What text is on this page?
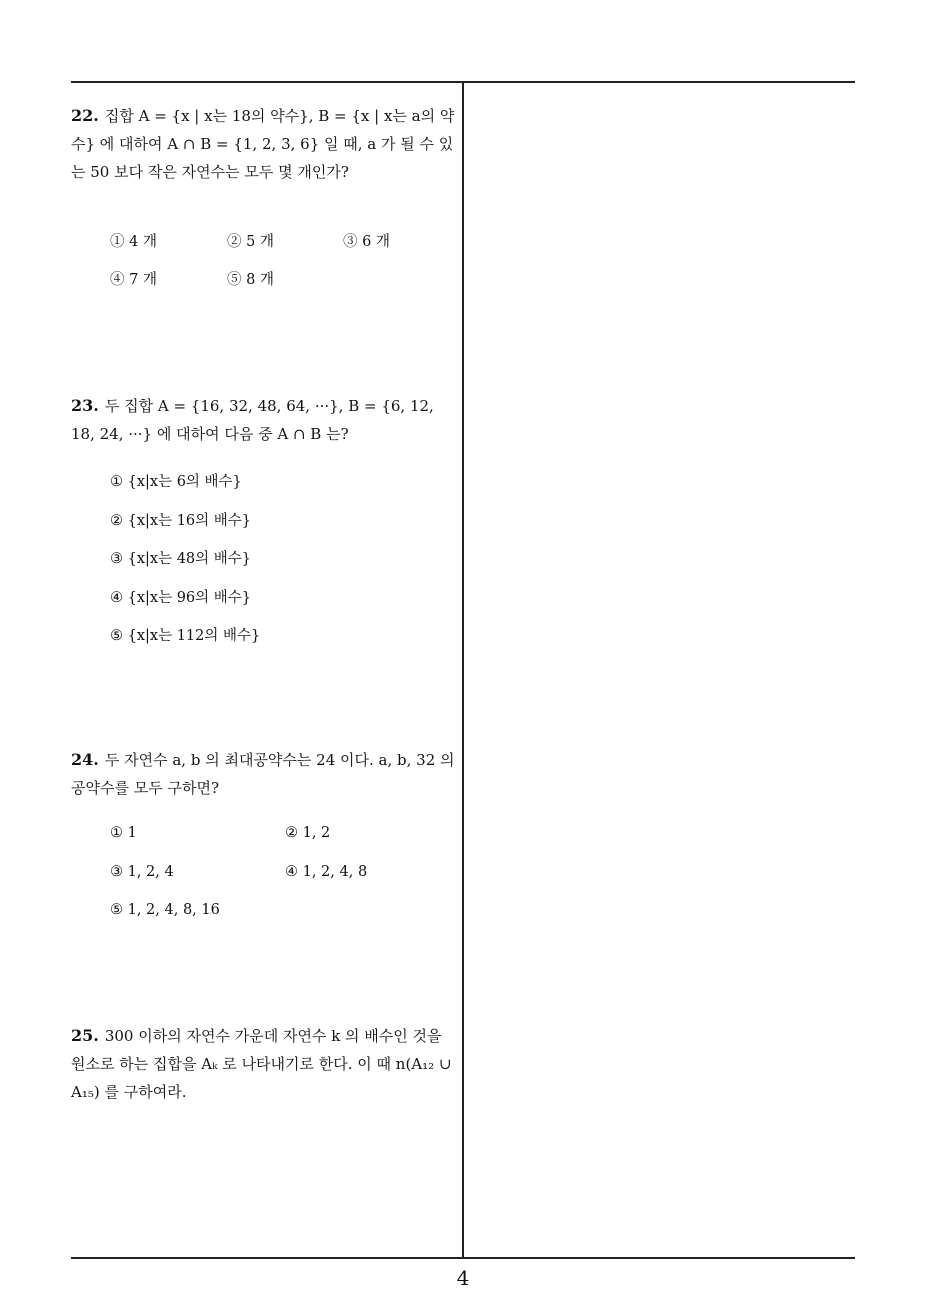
22. 집합 A = {x | x는 18의 약수}, B = {x | x는 a의 약수} 에 대하여 A ∩ B = {1, 2, 3, 6} 일 때, a 가 될 수 있는 50 보다 작은 자연수는 모두 몇 개인가?
① 4 개	② 5 개	③ 6 개
④ 7 개	⑤ 8 개
23. 두 집합 A = {16, 32, 48, 64, ···}, B = {6, 12, 18, 24, ···} 에 대하여 다음 중 A ∩ B 는?
① {x|x는 6의 배수}
② {x|x는 16의 배수}
③ {x|x는 48의 배수}
④ {x|x는 96의 배수}
⑤ {x|x는 112의 배수}
24. 두 자연수 a, b 의 최대공약수는 24 이다. a, b, 32 의 공약수를 모두 구하면?
① 1	② 1, 2
③ 1, 2, 4	④ 1, 2, 4, 8
⑤ 1, 2, 4, 8, 16
25. 300 이하의 자연수 가운데 자연수 k 의 배수인 것을 원소로 하는 집합을 Aₖ 로 나타내기로 한다. 이 때 n(A₁₂ ∪ A₁₅) 를 구하여라.
4
